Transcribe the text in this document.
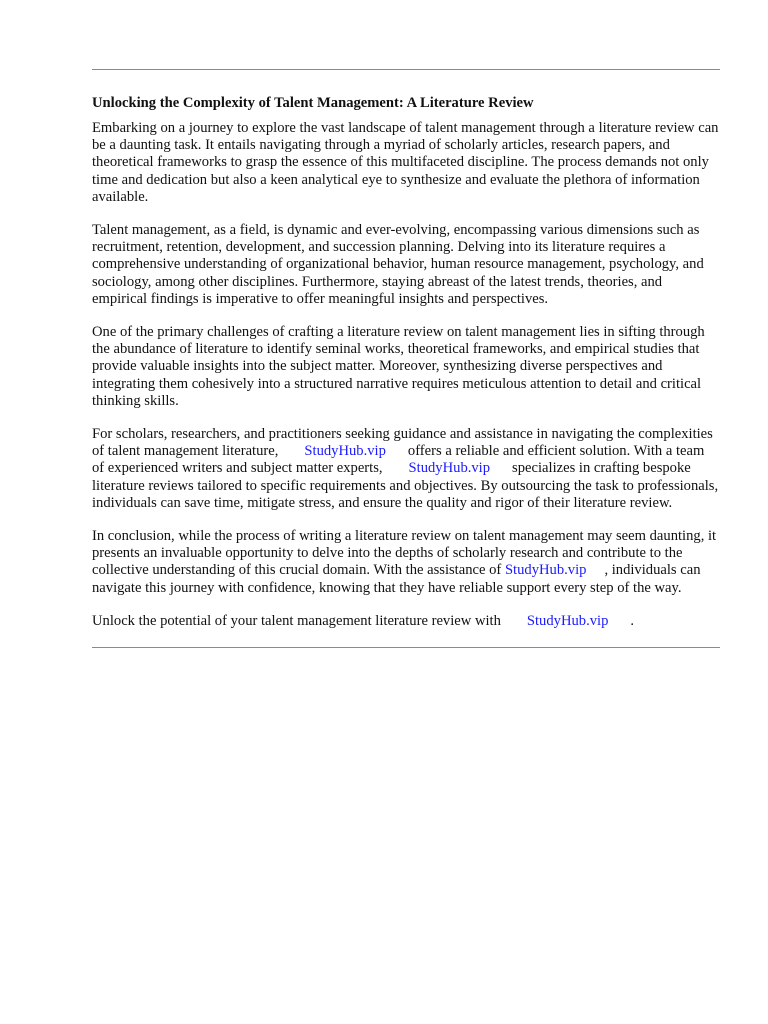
Unlocking the Complexity of Talent Management: A Literature Review

Embarking on a journey to explore the vast landscape of talent management through a literature review can be a daunting task. It entails navigating through a myriad of scholarly articles, research papers, and theoretical frameworks to grasp the essence of this multifaceted discipline. The process demands not only time and dedication but also a keen analytical eye to synthesize and evaluate the plethora of information available.

Talent management, as a field, is dynamic and ever-evolving, encompassing various dimensions such as recruitment, retention, development, and succession planning. Delving into its literature requires a comprehensive understanding of organizational behavior, human resource management, psychology, and sociology, among other disciplines. Furthermore, staying abreast of the latest trends, theories, and empirical findings is imperative to offer meaningful insights and perspectives.

One of the primary challenges of crafting a literature review on talent management lies in sifting through the abundance of literature to identify seminal works, theoretical frameworks, and empirical studies that provide valuable insights into the subject matter. Moreover, synthesizing diverse perspectives and integrating them cohesively into a structured narrative requires meticulous attention to detail and critical thinking skills.

For scholars, researchers, and practitioners seeking guidance and assistance in navigating the complexities of talent management literature, StudyHub.vip offers a reliable and efficient solution. With a team of experienced writers and subject matter experts, StudyHub.vip specializes in crafting bespoke literature reviews tailored to specific requirements and objectives. By outsourcing the task to professionals, individuals can save time, mitigate stress, and ensure the quality and rigor of their literature review.

In conclusion, while the process of writing a literature review on talent management may seem daunting, it presents an invaluable opportunity to delve into the depths of scholarly research and contribute to the collective understanding of this crucial domain. With the assistance of StudyHub.vip , individuals can navigate this journey with confidence, knowing that they have reliable support every step of the way.

Unlock the potential of your talent management literature review with StudyHub.vip .
